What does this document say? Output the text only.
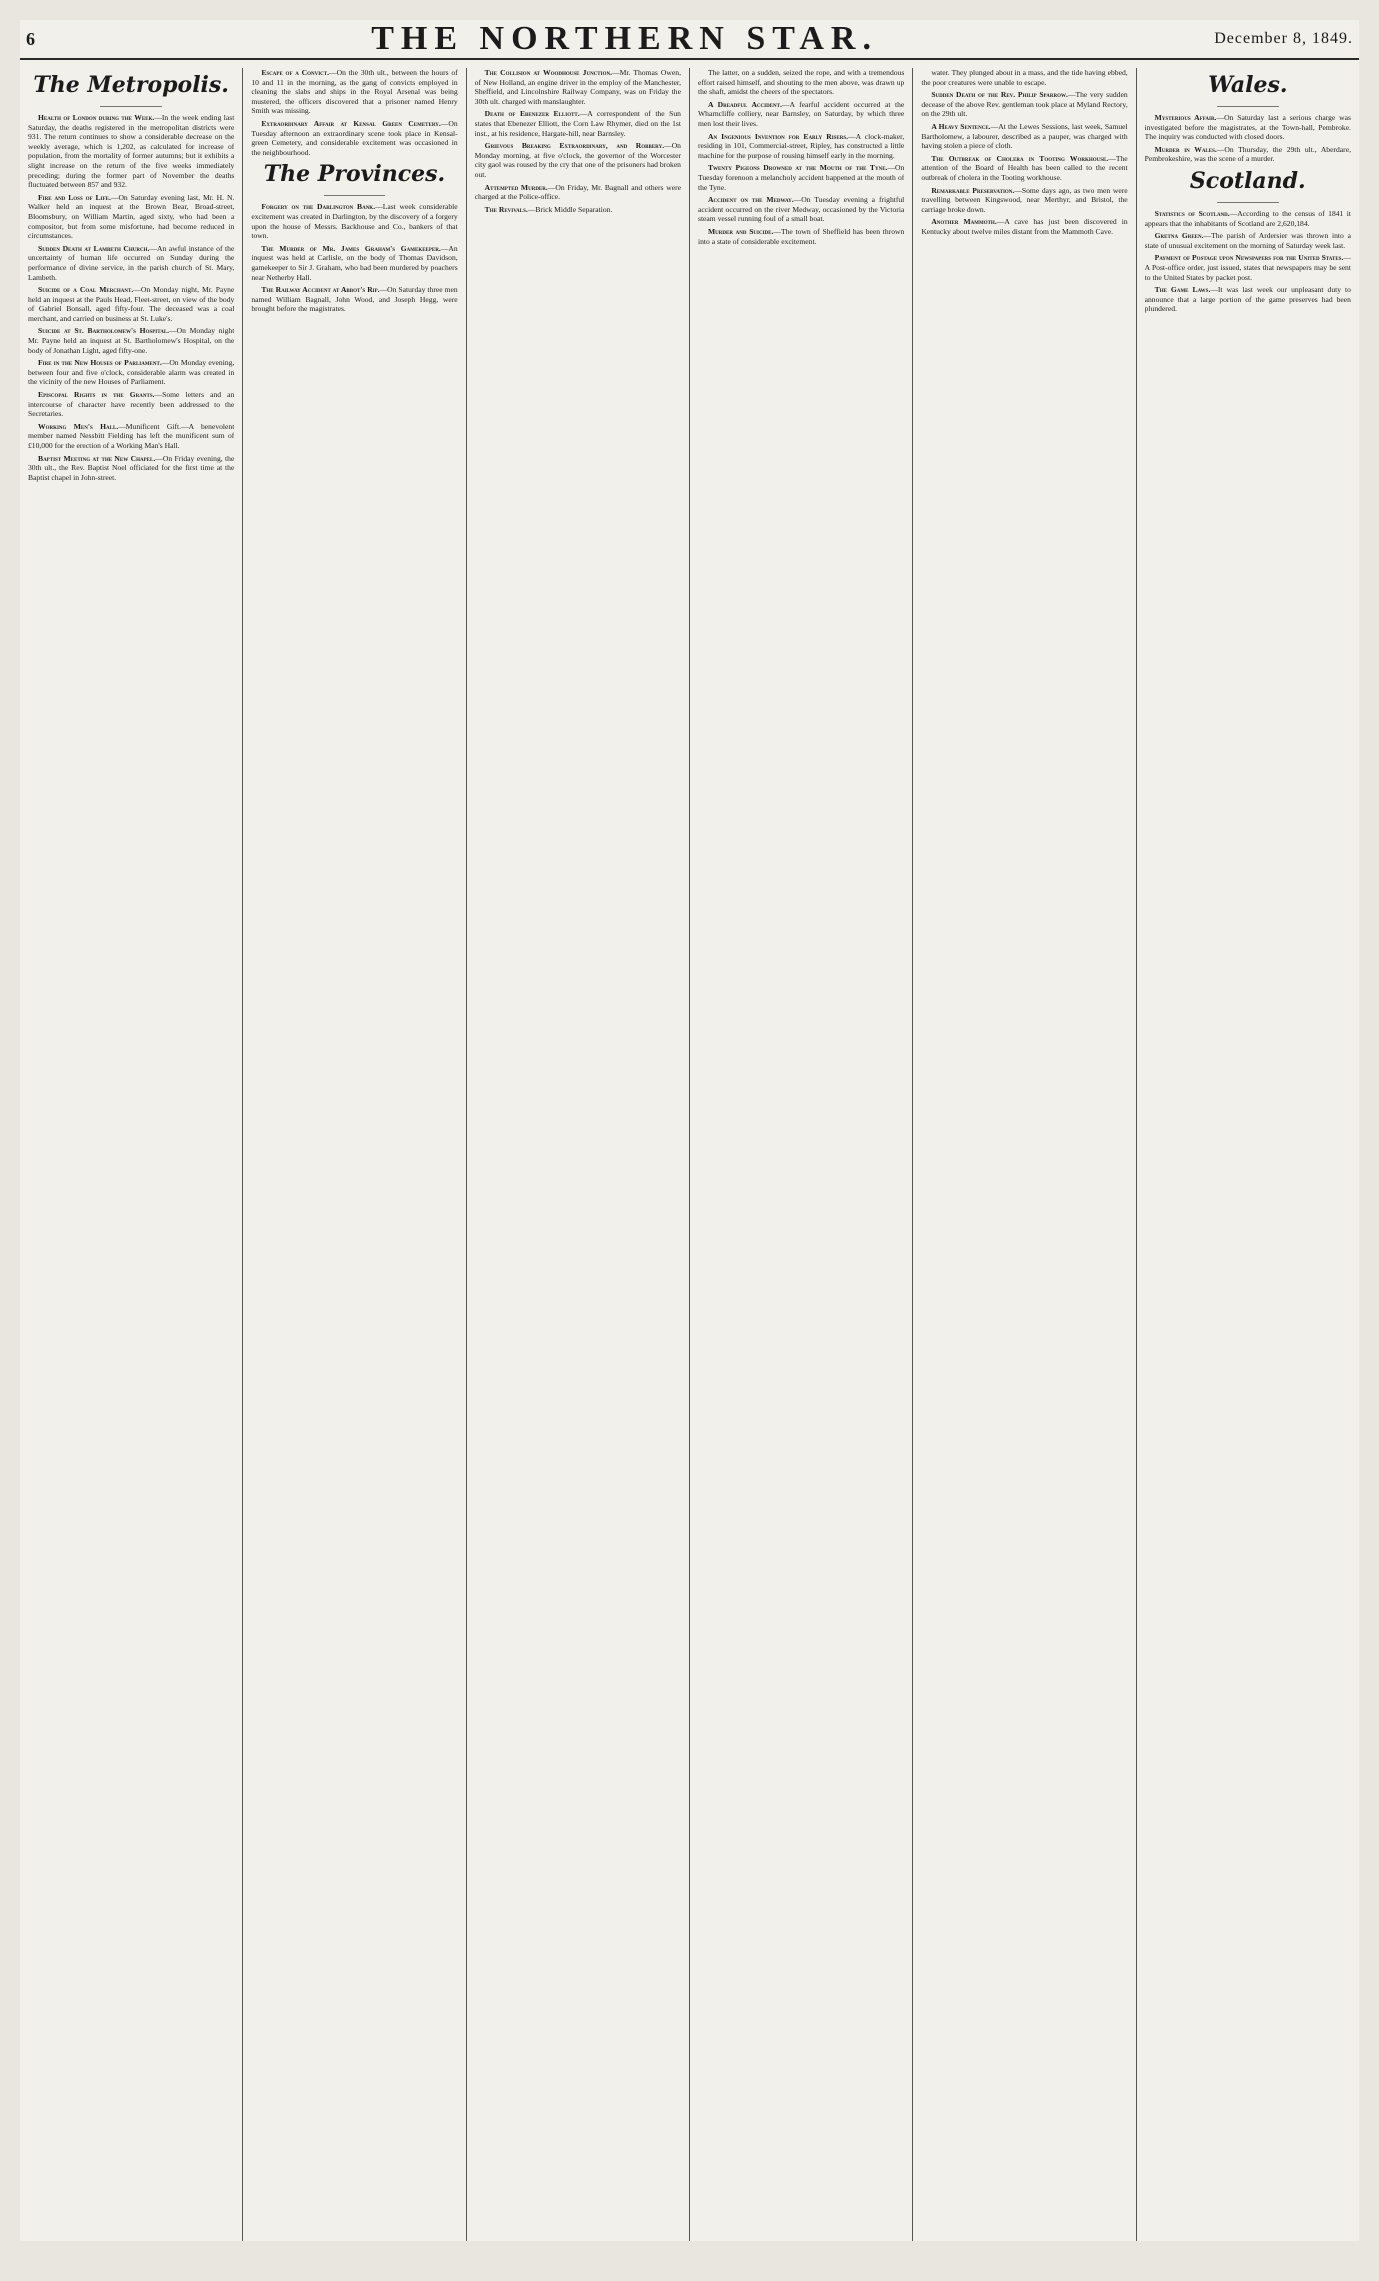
6	THE NORTHERN STAR.	December 8, 1849.
The Metropolis.

Health of London during the Week.—In the week ending last Saturday, the deaths registered in the metropolitan districts were 931. The return continues to show a considerable decrease on the weekly average, which is 1,202, as calculated for increase of population, from the mortality of former autumns; but it exhibits a slight increase on the return of the five weeks immediately preceding; during the former part of November the deaths fluctuated between 857 and 932.

Fire and Loss of Life.—On Saturday evening last, Mr. H. N. Walker held an inquest at the Brown Bear, Broad-street, Bloomsbury, on William Martin, aged sixty, who had been a compositor, but from some misfortune, had become reduced in circumstances.

Sudden Death at Lambeth Church.—An awful instance of the uncertainty of human life occurred on Sunday during the performance of divine service, in the parish church of St. Mary, Lambeth.

Suicide of a Coal Merchant.—On Monday night, Mr. Payne held an inquest at the Pauls Head, Fleet-street, on view of the body of Gabriel Bonsall, aged fifty-four. The deceased was a coal merchant, and carried on business at St. Luke's.

Suicide at St. Bartholomew's Hospital.—On Monday night Mr. Payne held an inquest at St. Bartholomew's Hospital, on the body of Jonathan Light, aged fifty-one.

Fire in the New Houses of Parliament.—On Monday evening, between four and five o'clock, considerable alarm was created in the vicinity of the new Houses of Parliament.

Episcopal Rights in the Grants.—Some letters and an intercourse of character have recently been addressed to the Secretaries.

Working Men's Hall.—Munificent Gift.—A benevolent member named Nessbitt Fielding has left the munificent sum of £10,000 for the erection of a Working Man's Hall.

Baptist Meeting at the New Chapel.—On Friday evening, the 30th ult., the Rev. Baptist Noel officiated for the first time at the Baptist chapel in John-street.

Escape of a Convict.—On the 30th ult., between the hours of 10 and 11 in the morning, as the gang of convicts employed in cleaning the slabs and ships in the Royal Arsenal was being mustered, the officers discovered that a prisoner named Henry Smith was missing.

Extraordinary Affair at Kensal Green Cemetery.—On Tuesday afternoon an extraordinary scene took place in Kensal-green Cemetery, and considerable excitement was occasioned in the neighbourhood.

The Provinces.

Forgery on the Darlington Bank.—Last week considerable excitement was created in Darlington, by the discovery of a forgery upon the house of Messrs. Backhouse and Co., bankers of that town.

The Murder of Mr. James Graham's Gamekeeper.—An inquest was held at Carlisle, on the body of Thomas Davidson, gamekeeper to Sir J. Graham, who had been murdered by poachers near Netherby Hall.

The Railway Accident at Abbot's Rip.—On Saturday three men named William Bagnall, John Wood, and Joseph Hegg, were brought before the magistrates.

The Collision at Woodhouse Junction.—Mr. Thomas Owen, of New Holland, an engine driver in the employ of the Manchester, Sheffield, and Lincolnshire Railway Company, was on Friday the 30th ult. charged with manslaughter.

Death of Ebenezer Elliott.—A correspondent of the Sun states that Ebenezer Elliott, the Corn Law Rhymer, died on the 1st inst., at his residence, Hargate-hill, near Barnsley.

Grievous Breaking Extraordinary, and Robbery.—On Monday morning, at five o'clock, the governor of the Worcester city gaol was roused by the cry that one of the prisoners had broken out.

Attempted Murder.—On Friday, Mr. Bagnall and others were charged at the Police-office.

The Revivals.—Brick Middle Separation.

The latter, on a sudden, seized the rope, and with a tremendous effort raised himself, and shouting to the men above, was drawn up the shaft, amidst the cheers of the spectators.

A Dreadful Accident.—A fearful accident occurred at the Wharncliffe colliery, near Barnsley, on Saturday, by which three men lost their lives.

An Ingenious Invention for Early Risers.—A clock-maker, residing in 101, Commercial-street, Ripley, has constructed a little machine for the purpose of rousing himself early in the morning.

Twenty Pigeons Drowned at the Mouth of the Tyne.—On Tuesday forenoon a melancholy accident happened at the mouth of the Tyne.

Accident on the Medway.—On Tuesday evening a frightful accident occurred on the river Medway, occasioned by the Victoria steam vessel running foul of a small boat.

Murder and Suicide.—The town of Sheffield has been thrown into a state of considerable excitement.

water. They plunged about in a mass, and the tide having ebbed, the poor creatures were unable to escape.

Sudden Death of the Rev. Philip Sparrow.—The very sudden decease of the above Rev. gentleman took place at Myland Rectory, on the 29th ult.

A Heavy Sentence.—At the Lewes Sessions, last week, Samuel Bartholomew, a labourer, described as a pauper, was charged with having stolen a piece of cloth.

The Outbreak of Cholera in Tooting Workhouse.—The attention of the Board of Health has been called to the recent outbreak of cholera in the Tooting workhouse.

Remarkable Preservation.—Some days ago, as two men were travelling between Kingswood, near Merthyr, and Bristol, the carriage broke down.

Another Mammoth.—A cave has just been discovered in Kentucky about twelve miles distant from the Mammoth Cave.

Wales.

Mysterious Affair.—On Saturday last a serious charge was investigated before the magistrates, at the Town-hall, Pembroke. The inquiry was conducted with closed doors.

Murder in Wales.—On Thursday, the 29th ult., Aberdare, Pembrokeshire, was the scene of a murder.

Scotland.

Statistics of Scotland.—According to the census of 1841 it appears that the inhabitants of Scotland are 2,620,184.

Gretna Green.—The parish of Ardersier was thrown into a state of unusual excitement on the morning of Saturday week last.

Payment of Postage upon Newspapers for the United States.—A Post-office order, just issued, states that newspapers may be sent to the United States by packet post.

The Game Laws.—It was last week our unpleasant duty to announce that a large portion of the game preserves had been plundered.
